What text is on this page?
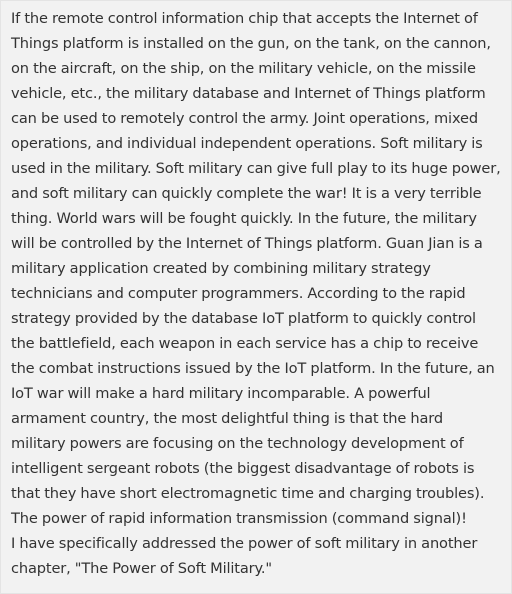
If the remote control information chip that accepts the Internet of Things platform is installed on the gun, on the tank, on the cannon, on the aircraft, on the ship, on the military vehicle, on the missile vehicle, etc., the military database and Internet of Things platform can be used to remotely control the army. Joint operations, mixed operations, and individual independent operations. Soft military is used in the military. Soft military can give full play to its huge power, and soft military can quickly complete the war! It is a very terrible thing. World wars will be fought quickly. In the future, the military will be controlled by the Internet of Things platform. Guan Jian is a military application created by combining military strategy technicians and computer programmers. According to the rapid strategy provided by the database IoT platform to quickly control the battlefield, each weapon in each service has a chip to receive the combat instructions issued by the IoT platform. In the future, an IoT war will make a hard military incomparable. A powerful armament country, the most delightful thing is that the hard military powers are focusing on the technology development of intelligent sergeant robots (the biggest disadvantage of robots is that they have short electromagnetic time and charging troubles). The power of rapid information transmission (command signal)!

I have specifically addressed the power of soft military in another chapter, "The Power of Soft Military."
